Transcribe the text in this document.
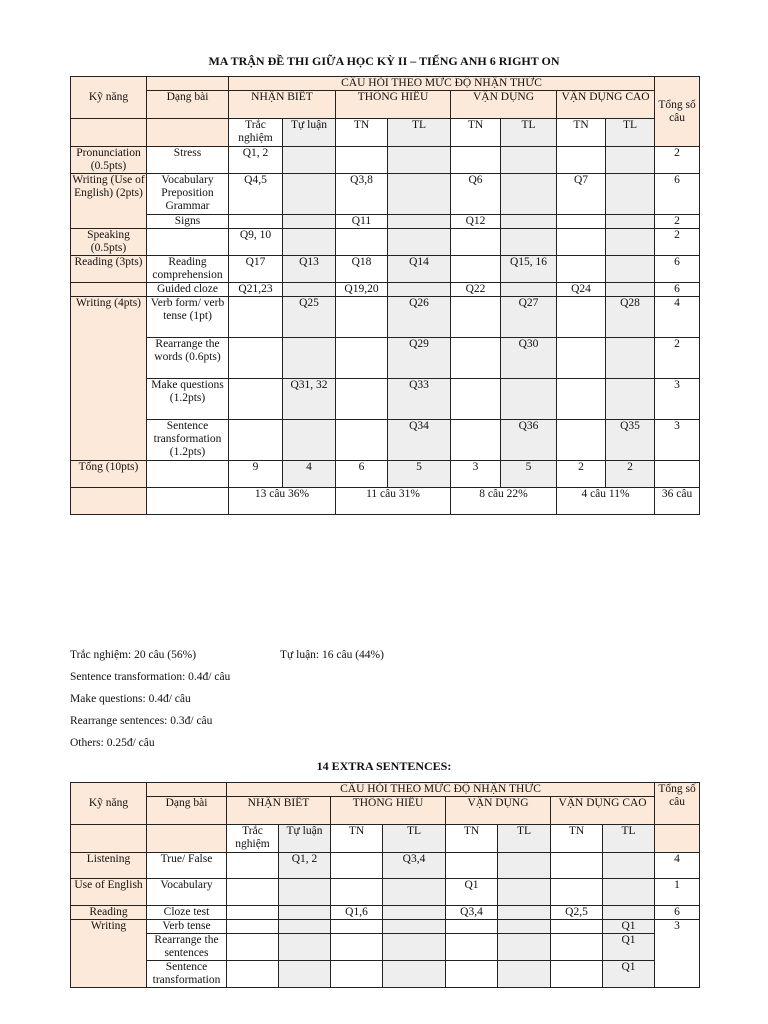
MA TRẬN ĐỀ THI GIỮA HỌC KỲ II – TIẾNG ANH 6 RIGHT ON
Kỹ năng		CÂU HỎI THEO MỨC ĐỘ NHẬN THỨC								Tổng số câu
	Dạng bài	NHẬN BIẾT		THÔNG HIỂU		VẬN DỤNG		VẬN DỤNG CAO		
		Trắc nghiệm	Tự luận	TN	TL	TN	TL	TN	TL	
Pronunciation (0.5pts)	Stress	Q1, 2								2
Writing (Use of English) (2pts)	Vocabulary Preposition Grammar	Q4,5		Q3,8		Q6		Q7		6
	Signs			Q11		Q12				2
Speaking (0.5pts)		Q9, 10								2
Reading (3pts)	Reading comprehension	Q17	Q13	Q18	Q14		Q15, 16			6
	Guided cloze	Q21,23		Q19,20		Q22		Q24		6
Writing (4pts)	Verb form/ verb tense (1pt)		Q25		Q26		Q27		Q28	4
	Rearrange the words (0.6pts)				Q29		Q30			2
	Make questions (1.2pts)		Q31, 32		Q33					3
	Sentence transformation (1.2pts)				Q34		Q36		Q35	3
Tổng (10pts)		9	4	6	5	3	5	2	2	
		13 câu 36%		11 câu 31%		8 câu 22%		4 câu 11%		36 câu
Trắc nghiệm: 20 câu (56%)	Tự luận: 16 câu (44%)
Sentence transformation: 0.4đ/ câu
Make questions: 0.4đ/ câu
Rearrange sentences: 0.3đ/ câu
Others: 0.25đ/ câu
14 EXTRA SENTENCES:
Kỹ năng		CÂU HỎI THEO MỨC ĐỘ NHẬN THỨC								Tổng số câu
	Dạng bài	NHẬN BIẾT		THÔNG HIỂU		VẬN DỤNG		VẬN DỤNG CAO		
		Trắc nghiệm	Tự luận	TN	TL	TN	TL	TN	TL	
Listening	True/ False		Q1, 2		Q3,4					4
Use of English	Vocabulary					Q1				1
Reading	Cloze test			Q1,6		Q3,4		Q2,5		6
Writing	Verb tense								Q1	3
	Rearrange the sentences								Q1	
	Sentence transformation								Q1	
